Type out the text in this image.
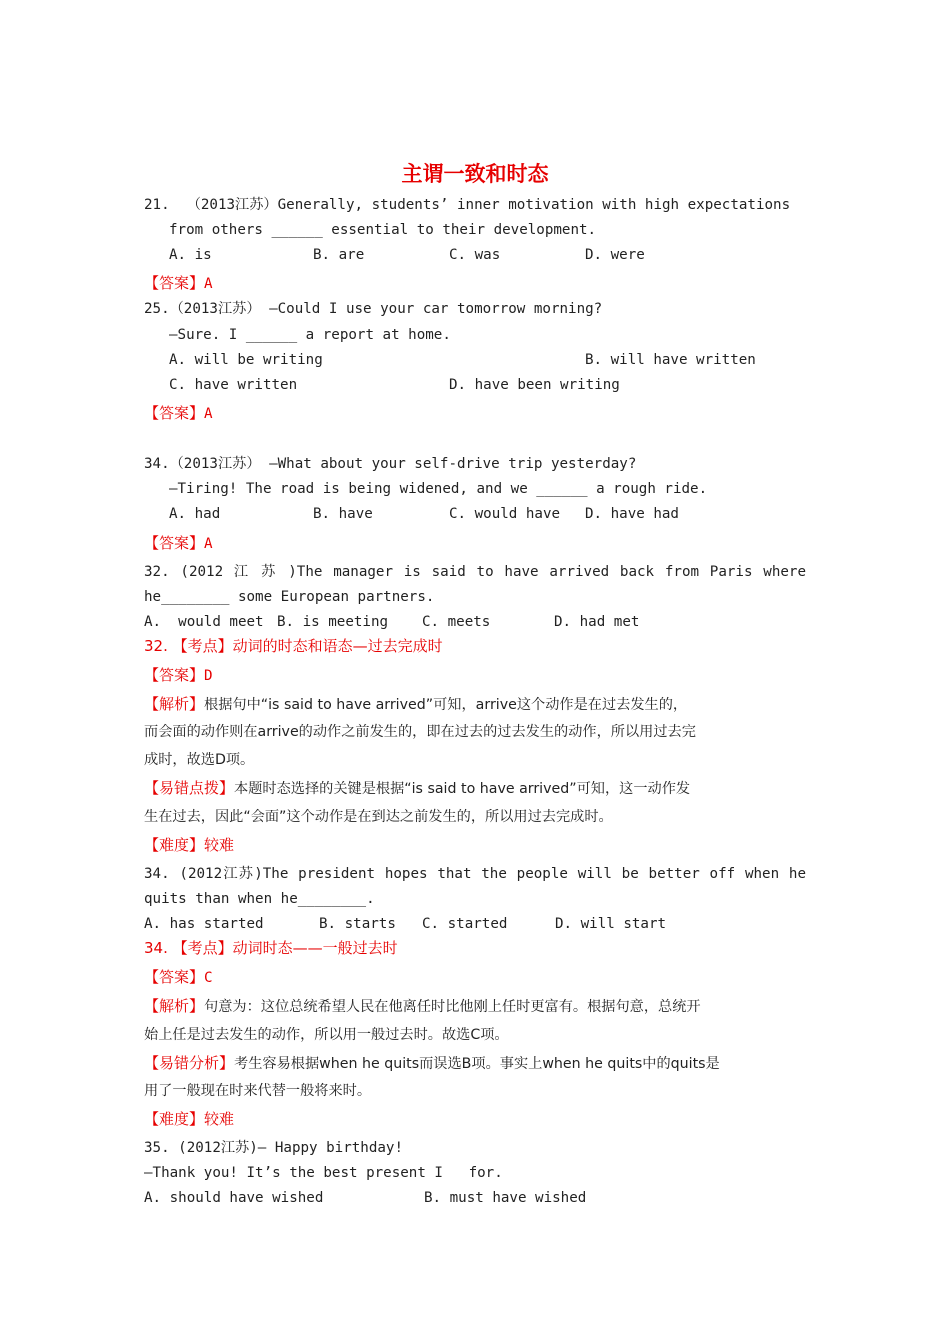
主谓一致和时态
21.  （2013江苏）Generally, students’ inner motivation with high expectations
from others ______ essential to their development.
A. is	B. are	C. was	D. were
【答案】A
25.（2013江苏） —Could I use your car tomorrow morning?
—Sure. I ______ a report at home.
A. will be writing	B. will have written
C. have written	D. have been writing
【答案】A
34.（2013江苏） —What about your self-drive trip yesterday?
—Tiring! The road is being widened, and we ______ a rough ride.
A. had	B. have	C. would have D. have had
【答案】A
32. (2012 江 苏 )The manager is said to have arrived back from Paris where
he________ some European partners.
A.  would meet B. is meeting C. meets	D. had met
32. 【考点】动词的时态和语态—过去完成时
【答案】D
【解析】根据句中“is said to have arrived”可知，arrive这个动作是在过去发生的，
而会面的动作则在arrive的动作之前发生的，即在过去的过去发生的动作，所以用过去完
成时，故选D项。
【易错点拨】本题时态选择的关键是根据“is said to have arrived”可知，这一动作发
生在过去，因此“会面”这个动作是在到达之前发生的，所以用过去完成时。
【难度】较难
34. (2012江苏)The president hopes that the people will be better off when he
quits than when he________.
A. has started	B. starts C. started	D. will start
34. 【考点】动词时态——一般过去时
【答案】C
【解析】句意为：这位总统希望人民在他离任时比他刚上任时更富有。根据句意，总统开
始上任是过去发生的动作，所以用一般过去时。故选C项。
【易错分析】考生容易根据when he quits而误选B项。事实上when he quits中的quits是
用了一般现在时来代替一般将来时。
【难度】较难
35. (2012江苏)— Happy birthday!
—Thank you! It’s the best present I   for.
A. should have wished	B. must have wished
